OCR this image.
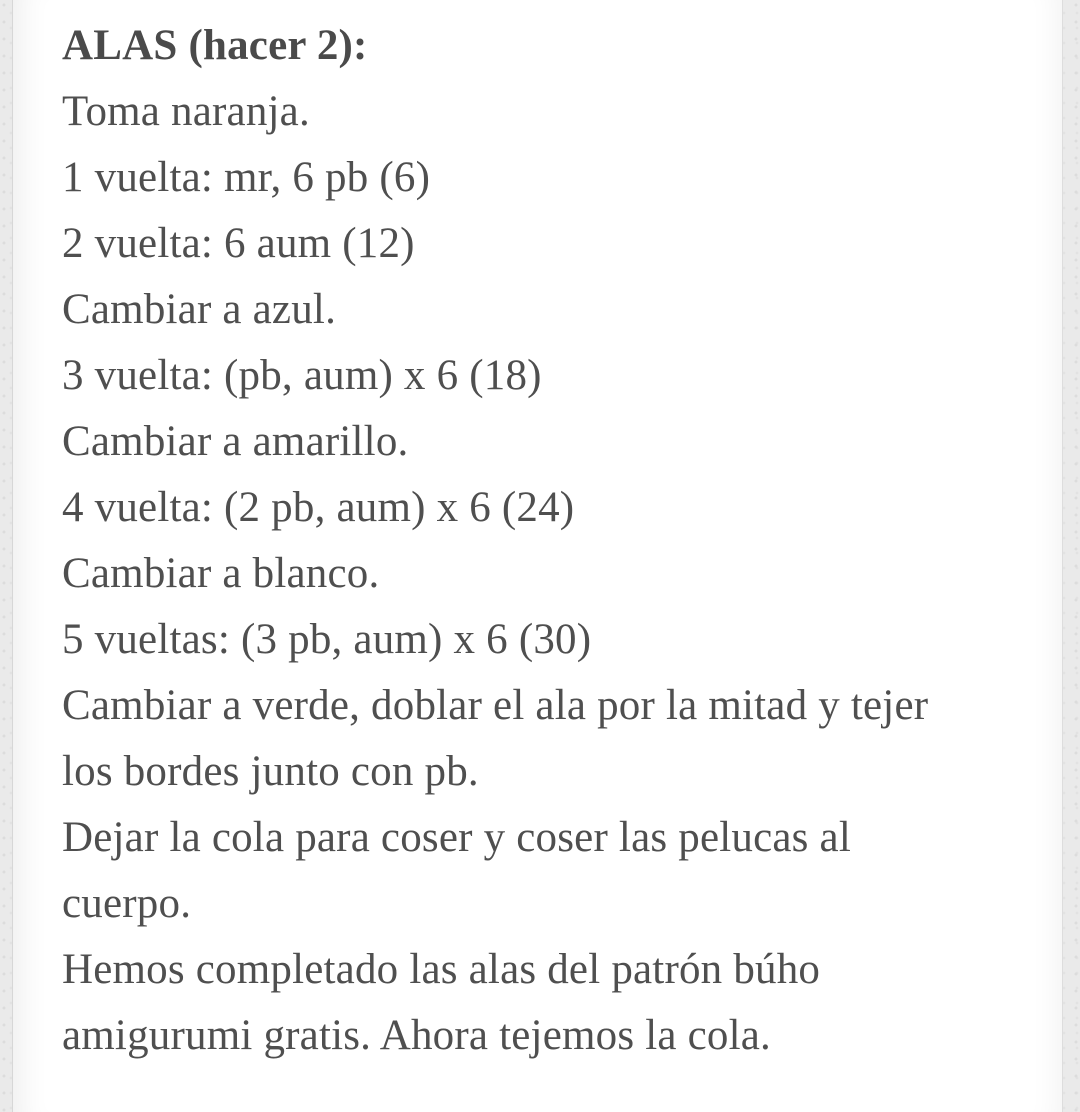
ALAS (hacer 2):
Toma naranja.
1 vuelta: mr, 6 pb (6)
2 vuelta: 6 aum (12)
Cambiar a azul.
3 vuelta: (pb, aum) x 6 (18)
Cambiar a amarillo.
4 vuelta: (2 pb, aum) x 6 (24)
Cambiar a blanco.
5 vueltas: (3 pb, aum) x 6 (30)
Cambiar a verde, doblar el ala por la mitad y tejer
los bordes junto con pb.
Dejar la cola para coser y coser las pelucas al
cuerpo.
Hemos completado las alas del patrón búho
amigurumi gratis. Ahora tejemos la cola.
